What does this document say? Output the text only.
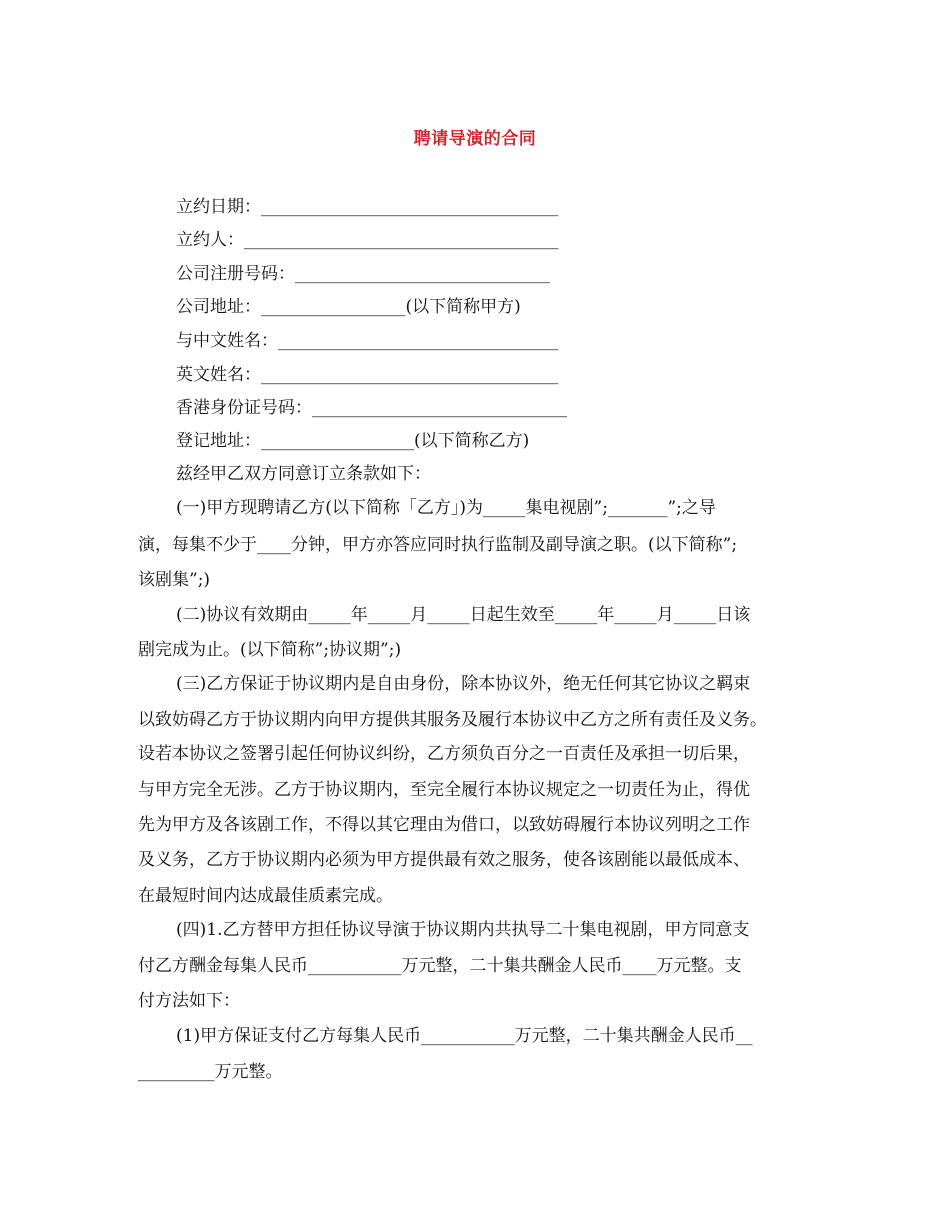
聘请导演的合同
立约日期：___________________________________
立约人：_____________________________________
公司注册号码：______________________________
公司地址：_________________(以下简称甲方)
与中文姓名：_________________________________
英文姓名：___________________________________
香港身份证号码：______________________________
登记地址：__________________(以下简称乙方)
兹经甲乙双方同意订立条款如下：
(一)甲方现聘请乙方(以下简称「乙方」)为_____集电视剧”;_______”;之导
演，每集不少于____分钟，甲方亦答应同时执行监制及副导演之职。(以下简称”;
该剧集”;)
(二)协议有效期由_____年_____月_____日起生效至_____年_____月_____日该
剧完成为止。(以下简称”;协议期”;)
(三)乙方保证于协议期内是自由身份，除本协议外，绝无任何其它协议之羁束
以致妨碍乙方于协议期内向甲方提供其服务及履行本协议中乙方之所有责任及义务。
设若本协议之签署引起任何协议纠纷，乙方须负百分之一百责任及承担一切后果，
与甲方完全无涉。乙方于协议期内，至完全履行本协议规定之一切责任为止，得优
先为甲方及各该剧工作，不得以其它理由为借口，以致妨碍履行本协议列明之工作
及义务，乙方于协议期内必须为甲方提供最有效之服务，使各该剧能以最低成本、
在最短时间内达成最佳质素完成。
(四)1.乙方替甲方担任协议导演于协议期内共执导二十集电视剧，甲方同意支
付乙方酬金每集人民币___________万元整，二十集共酬金人民币____万元整。支
付方法如下：
(1)甲方保证支付乙方每集人民币___________万元整，二十集共酬金人民币__
_________万元整。
